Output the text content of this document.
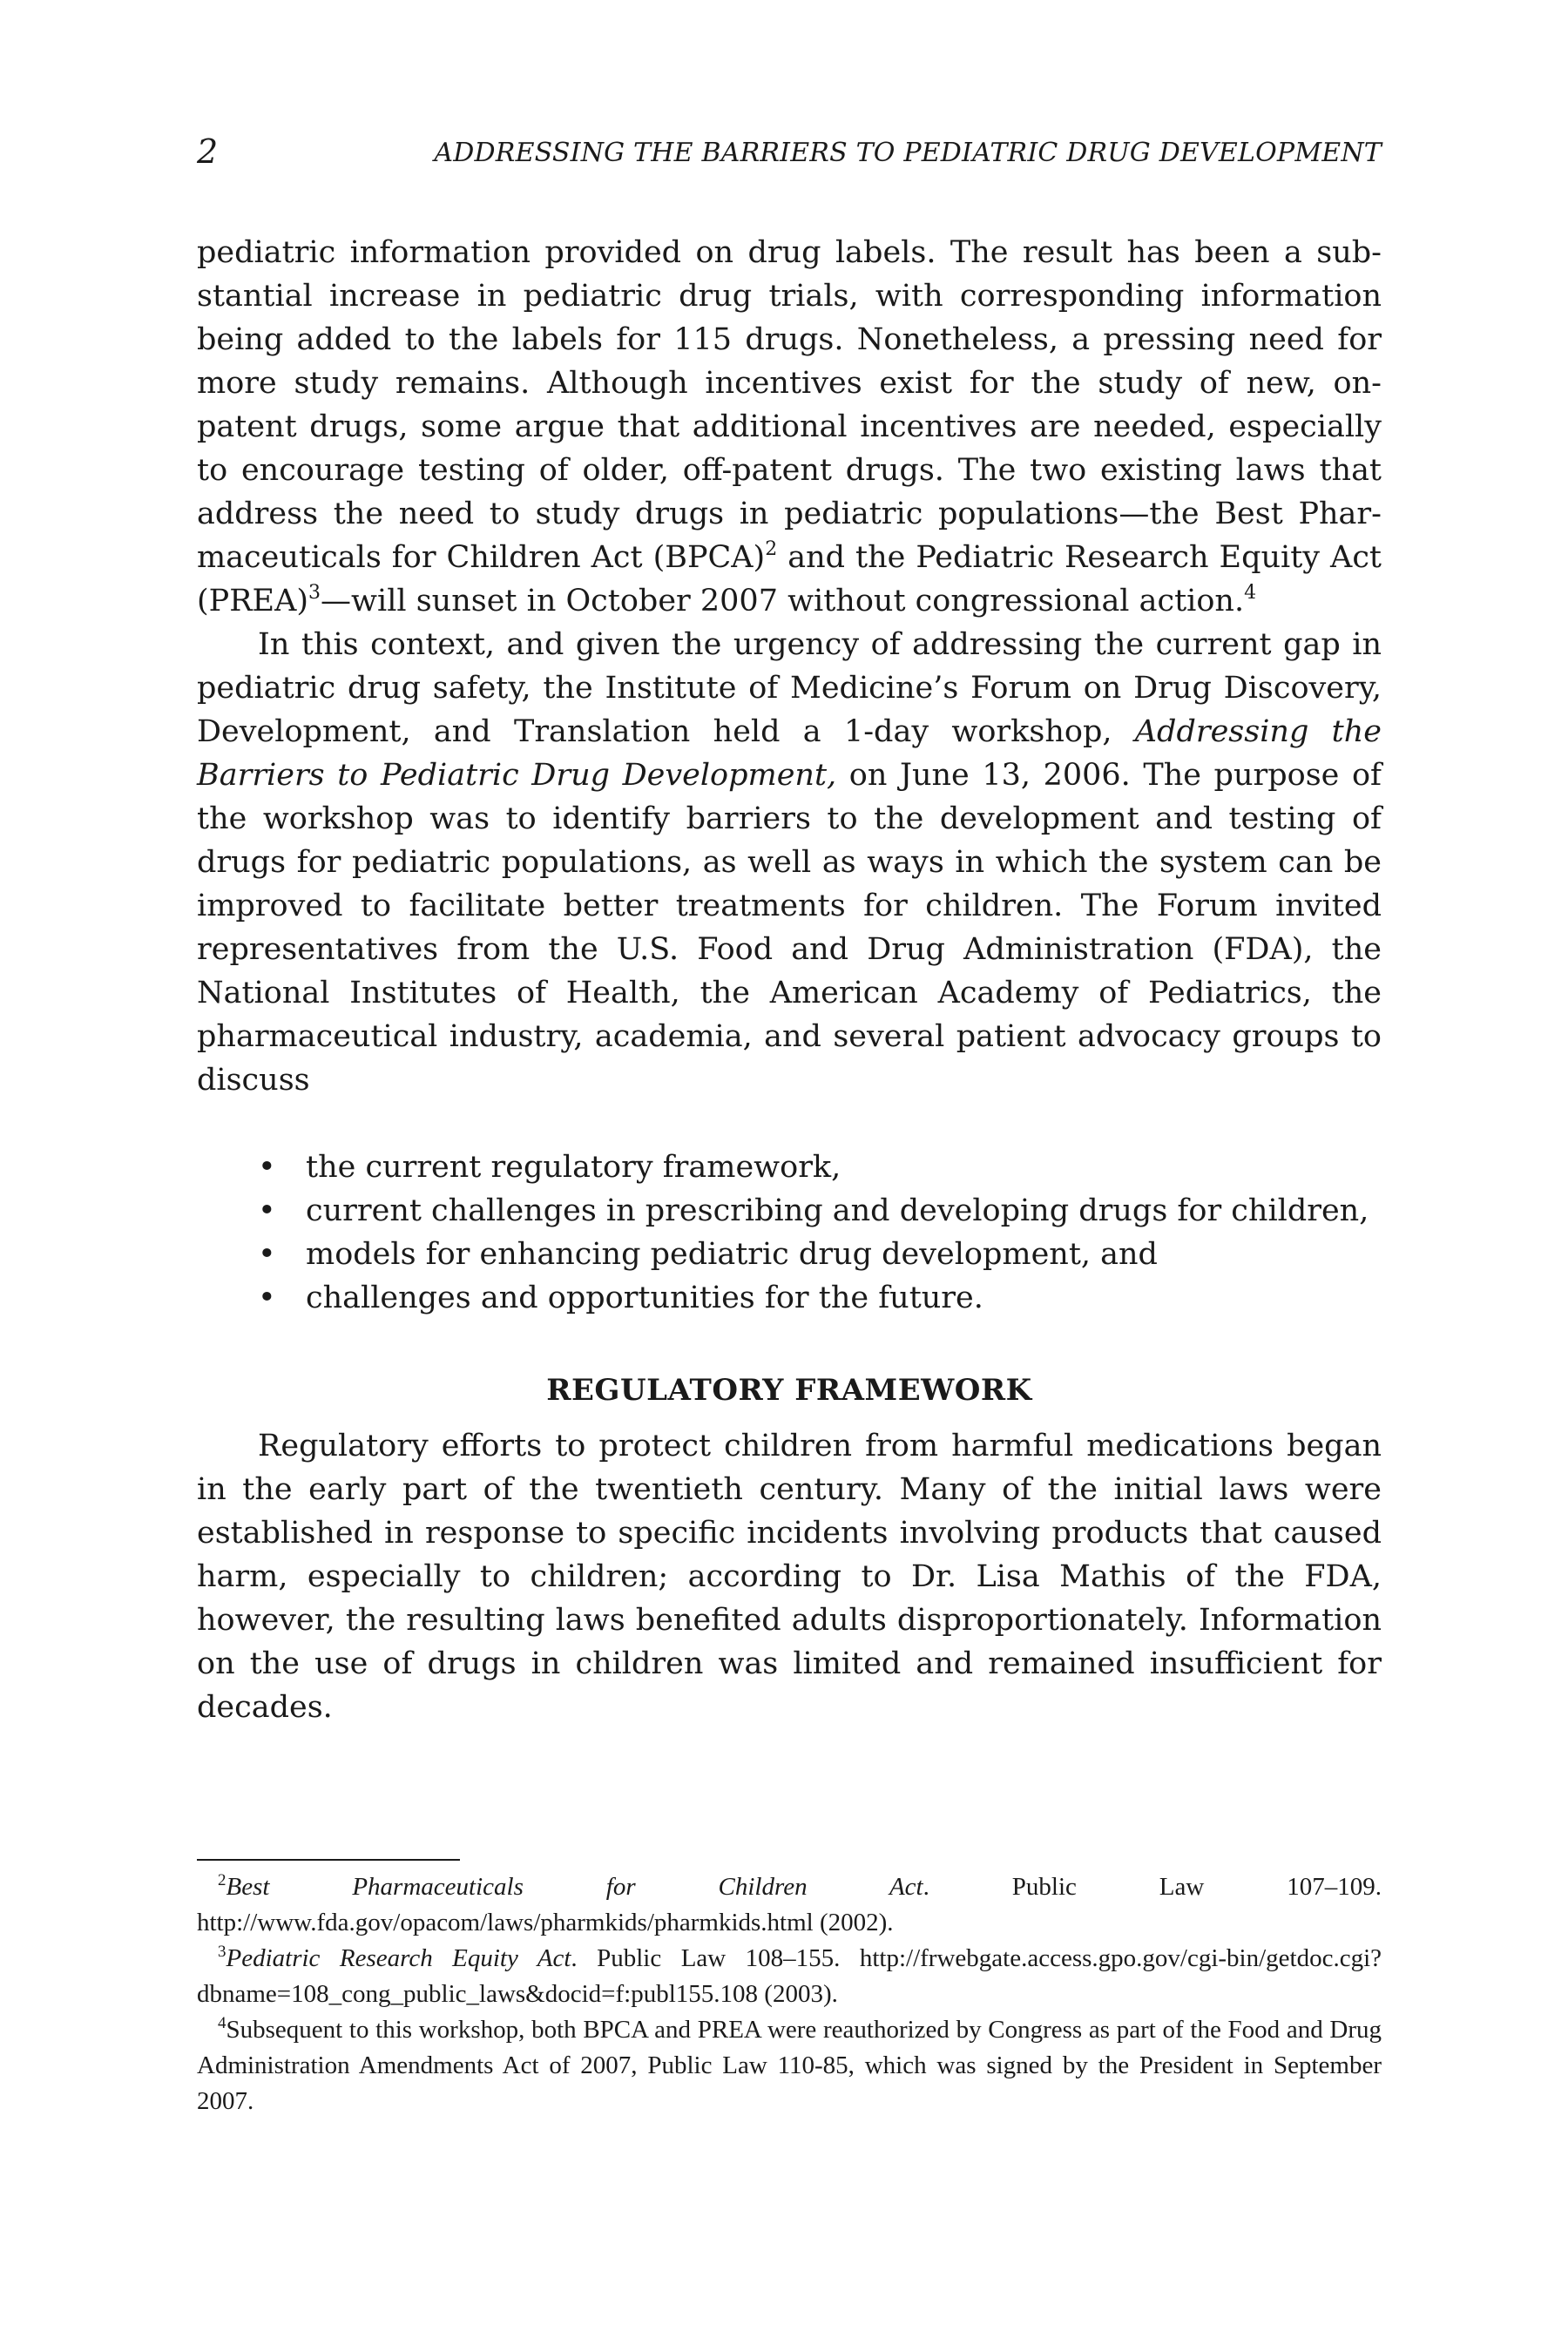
2	ADDRESSING THE BARRIERS TO PEDIATRIC DRUG DEVELOPMENT

pediatric information provided on drug labels. The result has been a substantial increase in pediatric drug trials, with corresponding information being added to the labels for 115 drugs. Nonetheless, a pressing need for more study remains. Although incentives exist for the study of new, on-patent drugs, some argue that additional incentives are needed, especially to encourage testing of older, off-patent drugs. The two existing laws that address the need to study drugs in pediatric populations—the Best Pharmaceuticals for Children Act (BPCA)$^2$ and the Pediatric Research Equity Act (PREA)$^3$—will sunset in October 2007 without congressional action.$^4$

In this context, and given the urgency of addressing the current gap in pediatric drug safety, the Institute of Medicine’s Forum on Drug Discovery, Development, and Translation held a 1-day workshop, Addressing the Barriers to Pediatric Drug Development, on June 13, 2006. The purpose of the workshop was to identify barriers to the development and testing of drugs for pediatric populations, as well as ways in which the system can be improved to facilitate better treatments for children. The Forum invited representatives from the U.S. Food and Drug Administration (FDA), the National Institutes of Health, the American Academy of Pediatrics, the pharmaceutical industry, academia, and several patient advocacy groups to discuss

• the current regulatory framework,
• current challenges in prescribing and developing drugs for children,
• models for enhancing pediatric drug development, and
• challenges and opportunities for the future.
REGULATORY FRAMEWORK

Regulatory efforts to protect children from harmful medications began in the early part of the twentieth century. Many of the initial laws were established in response to specific incidents involving products that caused harm, especially to children; according to Dr. Lisa Mathis of the FDA, however, the resulting laws benefited adults disproportionately. Information on the use of drugs in children was limited and remained insufficient for decades.

$^2$Best Pharmaceuticals for Children Act. Public Law 107–109. http://www.fda.gov/opacom/laws/pharmkids/pharmkids.html (2002).

$^3$Pediatric Research Equity Act. Public Law 108–155. http://frwebgate.access.gpo.gov/cgi-bin/getdoc.cgi?dbname=108_cong_public_laws&docid=f:publ155.108 (2003).

$^4$Subsequent to this workshop, both BPCA and PREA were reauthorized by Congress as part of the Food and Drug Administration Amendments Act of 2007, Public Law 110-85, which was signed by the President in September 2007.
